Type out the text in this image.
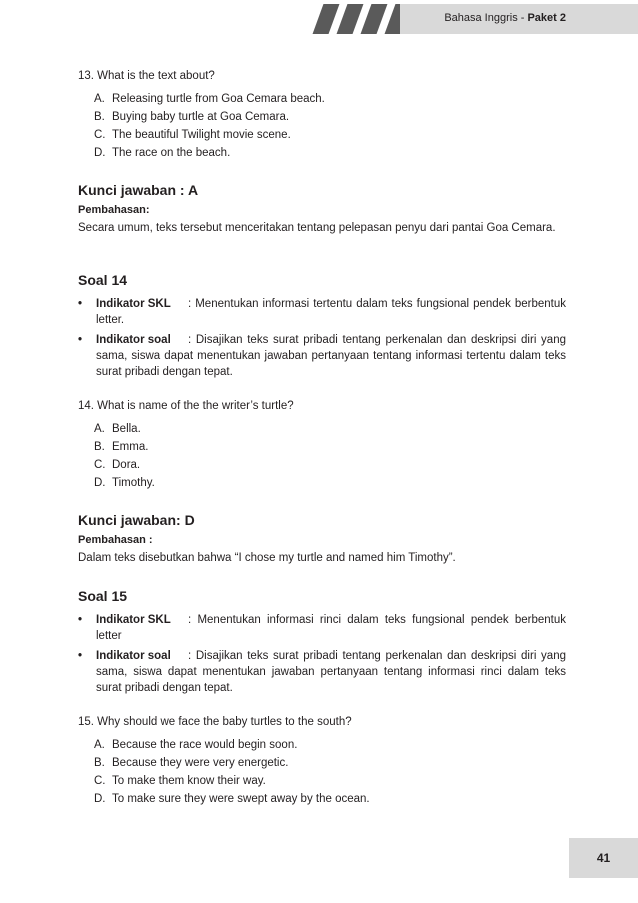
Bahasa Inggris - Paket 2

13. What is the text about?

A. Releasing turtle from Goa Cemara beach.
B. Buying baby turtle at Goa Cemara.
C. The beautiful Twilight movie scene.
D. The race on the beach.
Kunci jawaban : A
Pembahasan:

Secara umum, teks tersebut menceritakan tentang pelepasan penyu dari pantai Goa Cemara.

Soal 14
•	Indikator SKL : Menentukan informasi tertentu dalam teks fungsional pendek berbentuk letter.
•	Indikator soal : Disajikan teks surat pribadi tentang perkenalan dan deskripsi diri yang sama, siswa dapat menentukan jawaban pertanyaan tentang informasi tertentu dalam teks surat pribadi dengan tepat.

14. What is name of the the writer’s turtle?

A. Bella.
B. Emma.
C. Dora.
D. Timothy.
Kunci jawaban: D
Pembahasan :

Dalam teks disebutkan bahwa “I chose my turtle and named him Timothy”.

Soal 15
•	Indikator SKL : Menentukan informasi rinci dalam teks fungsional pendek berbentuk letter
•	Indikator soal : Disajikan teks surat pribadi tentang perkenalan dan deskripsi diri yang sama, siswa dapat menentukan jawaban pertanyaan tentang informasi rinci dalam teks surat pribadi dengan tepat.

15. Why should we face the baby turtles to the south?

A. Because the race would begin soon.
B. Because they were very energetic.
C. To make them know their way.
D. To make sure they were swept away by the ocean.
41
